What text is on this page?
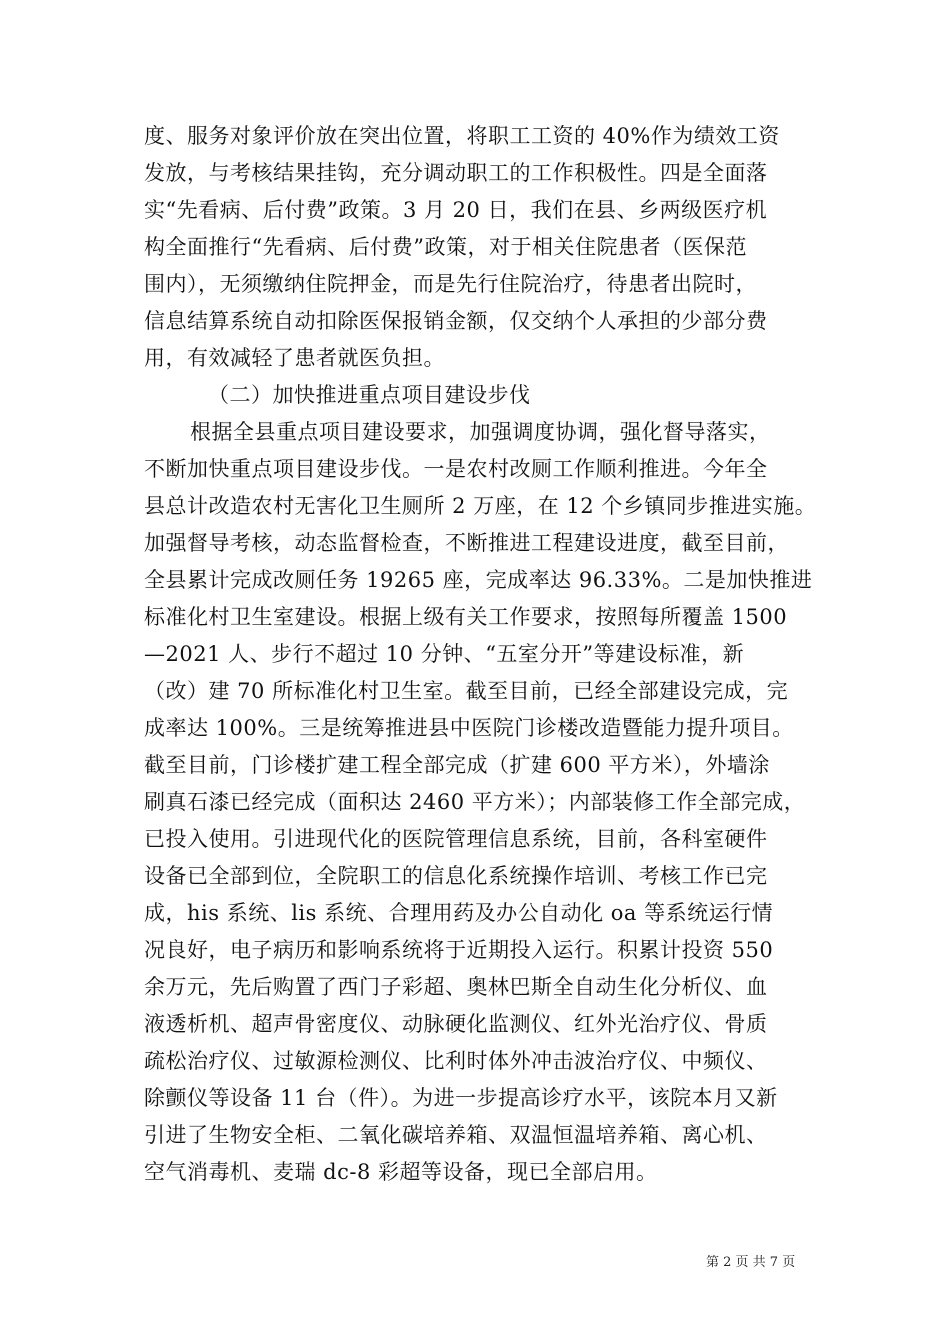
度、服务对象评价放在突出位置，将职工工资的 40%作为绩效工资
发放，与考核结果挂钩，充分调动职工的工作积极性。四是全面落
实“先看病、后付费”政策。3 月 20 日，我们在县、乡两级医疗机
构全面推行“先看病、后付费”政策，对于相关住院患者（医保范
围内），无须缴纳住院押金，而是先行住院治疗，待患者出院时，
信息结算系统自动扣除医保报销金额，仅交纳个人承担的少部分费
用，有效减轻了患者就医负担。
（二）加快推进重点项目建设步伐
根据全县重点项目建设要求，加强调度协调，强化督导落实，
不断加快重点项目建设步伐。一是农村改厕工作顺利推进。今年全
县总计改造农村无害化卫生厕所 2 万座，在 12 个乡镇同步推进实施。
加强督导考核，动态监督检查，不断推进工程建设进度，截至目前，
全县累计完成改厕任务 19265 座，完成率达 96.33%。二是加快推进
标准化村卫生室建设。根据上级有关工作要求，按照每所覆盖 1500
—2021 人、步行不超过 10 分钟、“五室分开”等建设标准，新
（改）建 70 所标准化村卫生室。截至目前，已经全部建设完成，完
成率达 100%。三是统筹推进县中医院门诊楼改造暨能力提升项目。
截至目前，门诊楼扩建工程全部完成（扩建 600 平方米），外墙涂
刷真石漆已经完成（面积达 2460 平方米）；内部装修工作全部完成，
已投入使用。引进现代化的医院管理信息系统，目前，各科室硬件
设备已全部到位，全院职工的信息化系统操作培训、考核工作已完
成，his 系统、lis 系统、合理用药及办公自动化 oa 等系统运行情
况良好，电子病历和影响系统将于近期投入运行。积累计投资 550
余万元，先后购置了西门子彩超、奥林巴斯全自动生化分析仪、血
液透析机、超声骨密度仪、动脉硬化监测仪、红外光治疗仪、骨质
疏松治疗仪、过敏源检测仪、比利时体外冲击波治疗仪、中频仪、
除颤仪等设备 11 台（件）。为进一步提高诊疗水平，该院本月又新
引进了生物安全柜、二氧化碳培养箱、双温恒温培养箱、离心机、
空气消毒机、麦瑞 dc-8 彩超等设备，现已全部启用。
第 2 页 共 7 页
